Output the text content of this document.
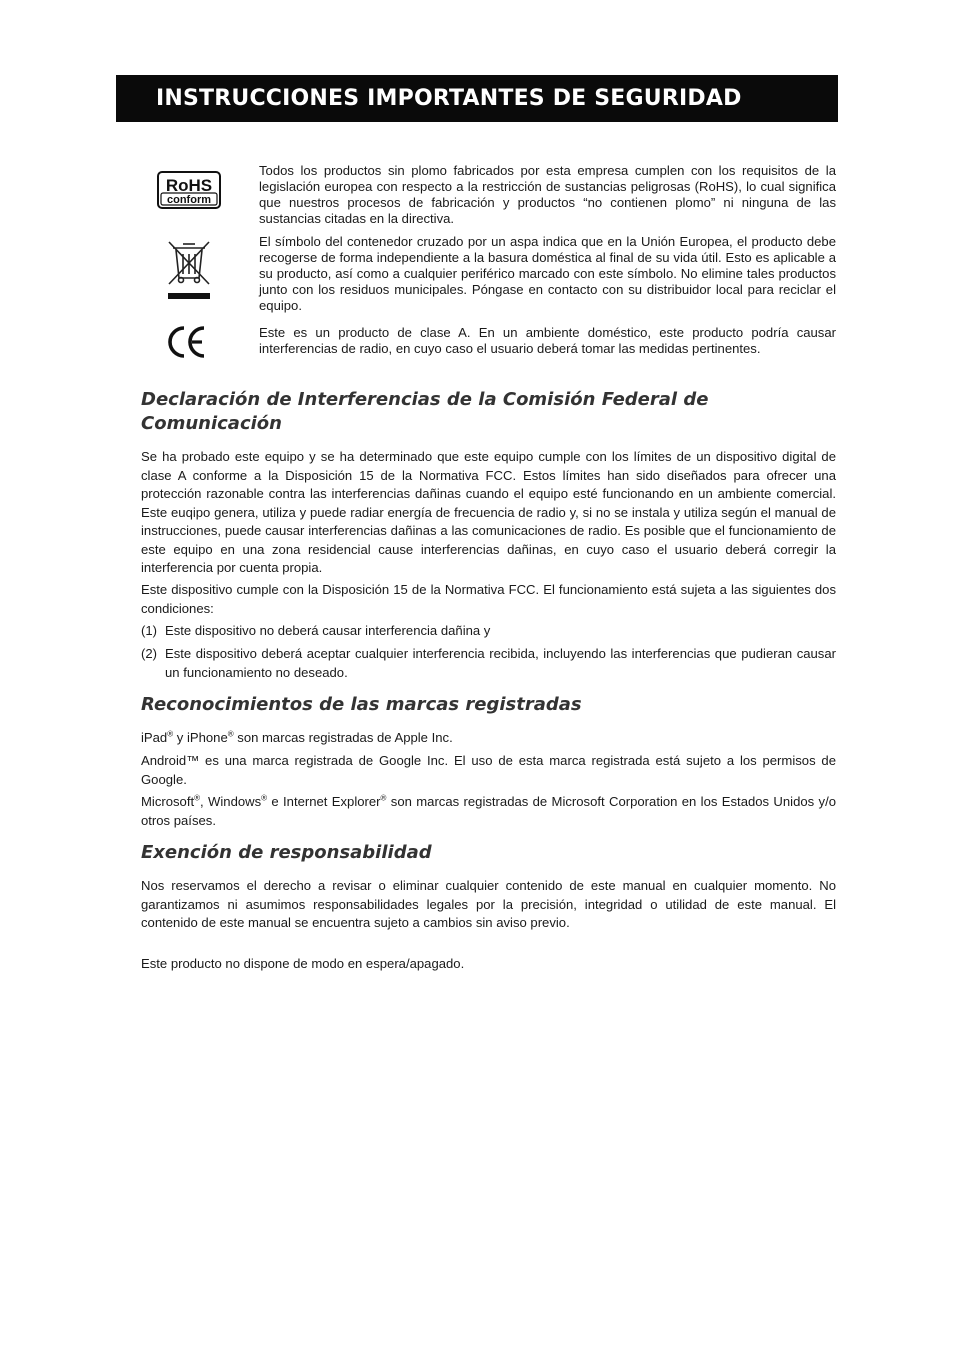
INSTRUCCIONES IMPORTANTES DE SEGURIDAD
RoHS
conform

Todos los productos sin plomo fabricados por esta empresa cumplen con los requisitos de la legislación europea con respecto a la restricción de sustancias peligrosas (RoHS), lo cual significa que nuestros procesos de fabricación y productos “no contienen plomo” ni ninguna de las sustancias citadas en la directiva.

El símbolo del contenedor cruzado por un aspa indica que en la Unión Europea, el producto debe recogerse de forma independiente a la basura doméstica al final de su vida útil. Esto es aplicable a su producto, así como a cualquier periférico marcado con este símbolo. No elimine tales productos junto con los residuos municipales. Póngase en contacto con su distribuidor local para reciclar el equipo.

Este es un producto de clase A. En un ambiente doméstico, este producto podría causar interferencias de radio, en cuyo caso el usuario deberá tomar las medidas pertinentes.

Declaración de Interferencias de la Comisión Federal de Comunicación

Se ha probado este equipo y se ha determinado que este equipo cumple con los límites de un dispositivo digital de clase A conforme a la Disposición 15 de la Normativa FCC. Estos límites han sido diseñados para ofrecer una protección razonable contra las interferencias dañinas cuando el equipo esté funcionando en un ambiente comercial. Este euqipo genera, utiliza y puede radiar energía de frecuencia de radio y, si no se instala y utiliza según el manual de instrucciones, puede causar interferencias dañinas a las comunicaciones de radio. Es posible que el funcionamiento de este equipo en una zona residencial cause interferencias dañinas, en cuyo caso el usuario deberá corregir la interferencia por cuenta propia.

Este dispositivo cumple con la Disposición 15 de la Normativa FCC. El funcionamiento está sujeta a las siguientes dos condiciones:

(1) Este dispositivo no deberá causar interferencia dañina y
(2) Este dispositivo deberá aceptar cualquier interferencia recibida, incluyendo las interferencias que pudieran causar un funcionamiento no deseado.
Reconocimientos de las marcas registradas

iPad® y iPhone® son marcas registradas de Apple Inc.

Android™ es una marca registrada de Google Inc. El uso de esta marca registrada está sujeto a los permisos de Google.

Microsoft®, Windows® e Internet Explorer® son marcas registradas de Microsoft Corporation en los Estados Unidos y/o otros países.

Exención de responsabilidad

Nos reservamos el derecho a revisar o eliminar cualquier contenido de este manual en cualquier momento. No garantizamos ni asumimos responsabilidades legales por la precisión, integridad o utilidad de este manual. El contenido de este manual se encuentra sujeto a cambios sin aviso previo.

Este producto no dispone de modo en espera/apagado.
